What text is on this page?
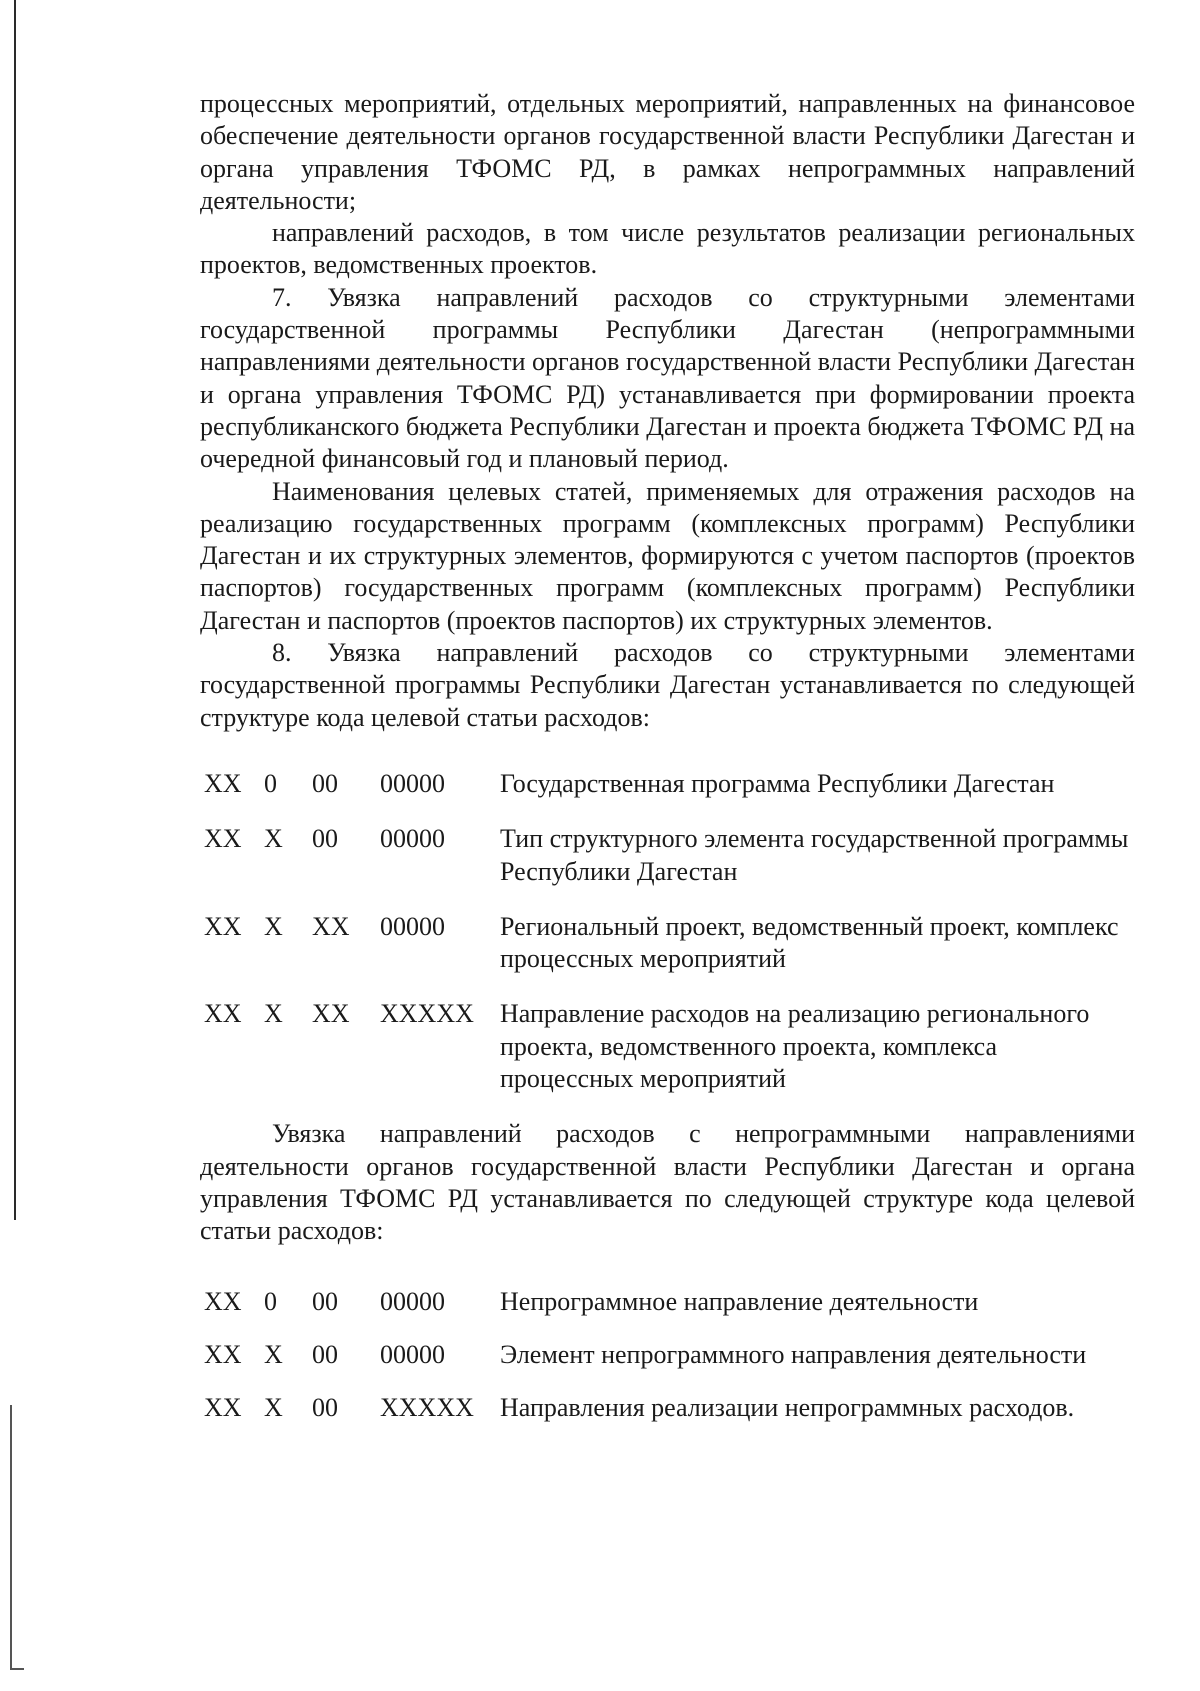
процессных мероприятий, отдельных мероприятий, направленных на финансовое обеспечение деятельности органов государственной власти Республики Дагестан и органа управления ТФОМС РД, в рамках непрограммных направлений деятельности;

направлений расходов, в том числе результатов реализации региональных проектов, ведомственных проектов.

7. Увязка направлений расходов со структурными элементами государственной программы Республики Дагестан (непрограммными направлениями деятельности органов государственной власти Республики Дагестан и органа управления ТФОМС РД) устанавливается при формировании проекта республиканского бюджета Республики Дагестан и проекта бюджета ТФОМС РД на очередной финансовый год и плановый период.

Наименования целевых статей, применяемых для отражения расходов на реализацию государственных программ (комплексных программ) Республики Дагестан и их структурных элементов, формируются с учетом паспортов (проектов паспортов) государственных программ (комплексных программ) Республики Дагестан и паспортов (проектов паспортов) их структурных элементов.

8. Увязка направлений расходов со структурными элементами государственной программы Республики Дагестан устанавливается по следующей структуре кода целевой статьи расходов:

XX 0	00	00000	Государственная программа Республики Дагестан
XX X	00	00000	Тип структурного элемента государственной программы Республики Дагестан
XX X	XX	00000	Региональный проект, ведомственный проект, комплекс процессных мероприятий
XX X	XX	XXXXX	Направление расходов на реализацию регионального проекта, ведомственного проекта, комплекса процессных мероприятий

Увязка направлений расходов с непрограммными направлениями деятельности органов государственной власти Республики Дагестан и органа управления ТФОМС РД устанавливается по следующей структуре кода целевой статьи расходов:

XX 0	00	00000	Непрограммное направление деятельности
XX X	00	00000	Элемент непрограммного направления деятельности
XX X	00	XXXXX	Направления реализации непрограммных расходов.
